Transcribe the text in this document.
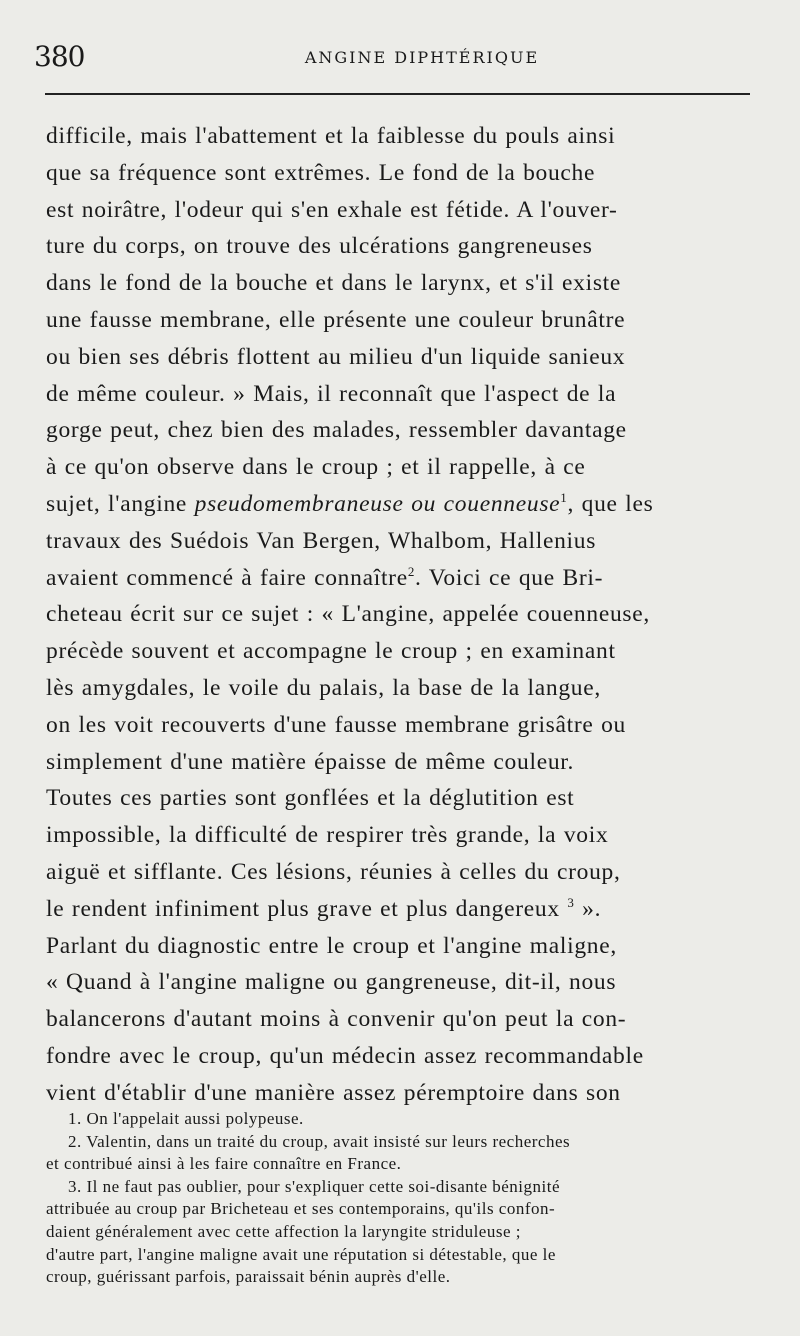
380	ANGINE DIPHTÉRIQUE
difficile, mais l'abattement et la faiblesse du pouls ainsi
que sa fréquence sont extrêmes. Le fond de la bouche
est noirâtre, l'odeur qui s'en exhale est fétide. A l'ouver-
ture du corps, on trouve des ulcérations gangreneuses
dans le fond de la bouche et dans le larynx, et s'il existe
une fausse membrane, elle présente une couleur brunâtre
ou bien ses débris flottent au milieu d'un liquide sanieux
de même couleur. » Mais, il reconnaît que l'aspect de la
gorge peut, chez bien des malades, ressembler davantage
à ce qu'on observe dans le croup ; et il rappelle, à ce
sujet, l'angine pseudomembraneuse ou couenneuse$^1$, que les
travaux des Suédois Van Bergen, Whalbom, Hallenius
avaient commencé à faire connaître$^2$. Voici ce que Bri-
cheteau écrit sur ce sujet : « L'angine, appelée couenneuse,
précède souvent et accompagne le croup ; en examinant
lès amygdales, le voile du palais, la base de la langue,
on les voit recouverts d'une fausse membrane grisâtre ou
simplement d'une matière épaisse de même couleur.
Toutes ces parties sont gonflées et la déglutition est
impossible, la difficulté de respirer très grande, la voix
aiguë et sifflante. Ces lésions, réunies à celles du croup,
le rendent infiniment plus grave et plus dangereux $^3$ ».
Parlant du diagnostic entre le croup et l'angine maligne,
« Quand à l'angine maligne ou gangreneuse, dit-il, nous
balancerons d'autant moins à convenir qu'on peut la con-
fondre avec le croup, qu'un médecin assez recommandable
vient d'établir d'une manière assez péremptoire dans son
1. On l'appelait aussi polypeuse.
2. Valentin, dans un traité du croup, avait insisté sur leurs recherches
et contribué ainsi à les faire connaître en France.
3. Il ne faut pas oublier, pour s'expliquer cette soi-disante bénignité
attribuée au croup par Bricheteau et ses contemporains, qu'ils confon-
daient généralement avec cette affection la laryngite striduleuse ;
d'autre part, l'angine maligne avait une réputation si détestable, que le
croup, guérissant parfois, paraissait bénin auprès d'elle.
